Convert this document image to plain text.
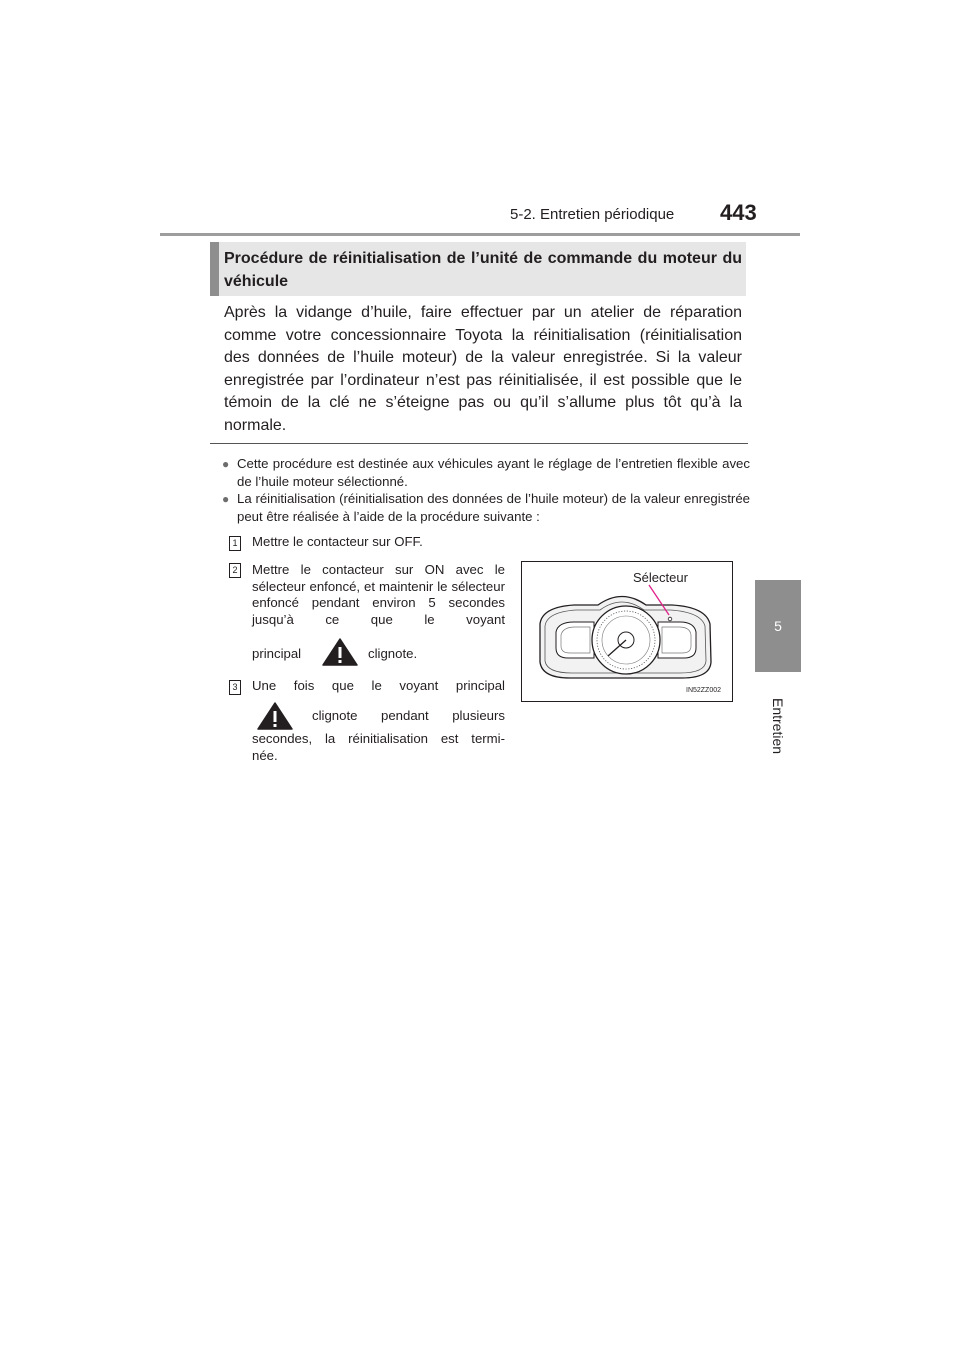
5-2. Entretien périodique 443
5
Entretien
Procédure de réinitialisation de l’unité de commande du moteur du véhicule
Après la vidange d’huile, faire effectuer par un atelier de réparation comme votre concessionnaire Toyota la réinitialisation (réinitialisation des données de l’huile moteur) de la valeur enregistrée. Si la valeur enregistrée par l’ordinateur n’est pas réinitialisée, il est possible que le témoin de la clé ne s’éteigne pas ou qu’il s’allume plus tôt qu’à la normale.
● Cette procédure est destinée aux véhicules ayant le réglage de l’entretien flexible avec de l’huile moteur sélectionné.
● La réinitialisation (réinitialisation des données de l’huile moteur) de la valeur enregistrée peut être réalisée à l’aide de la procédure suivante :
1 Mettre le contacteur sur OFF.
2 Mettre le contacteur sur ON avec le sélecteur enfoncé, et maintenir le sélecteur enfoncé pendant environ 5 secondes jusqu’à ce que le voyant
principal	clignote.
3 Une fois que le voyant principal
clignote pendant plusieurs
secondes, la réinitialisation est termi-
née.
Sélecteur
IN52ZZ002
